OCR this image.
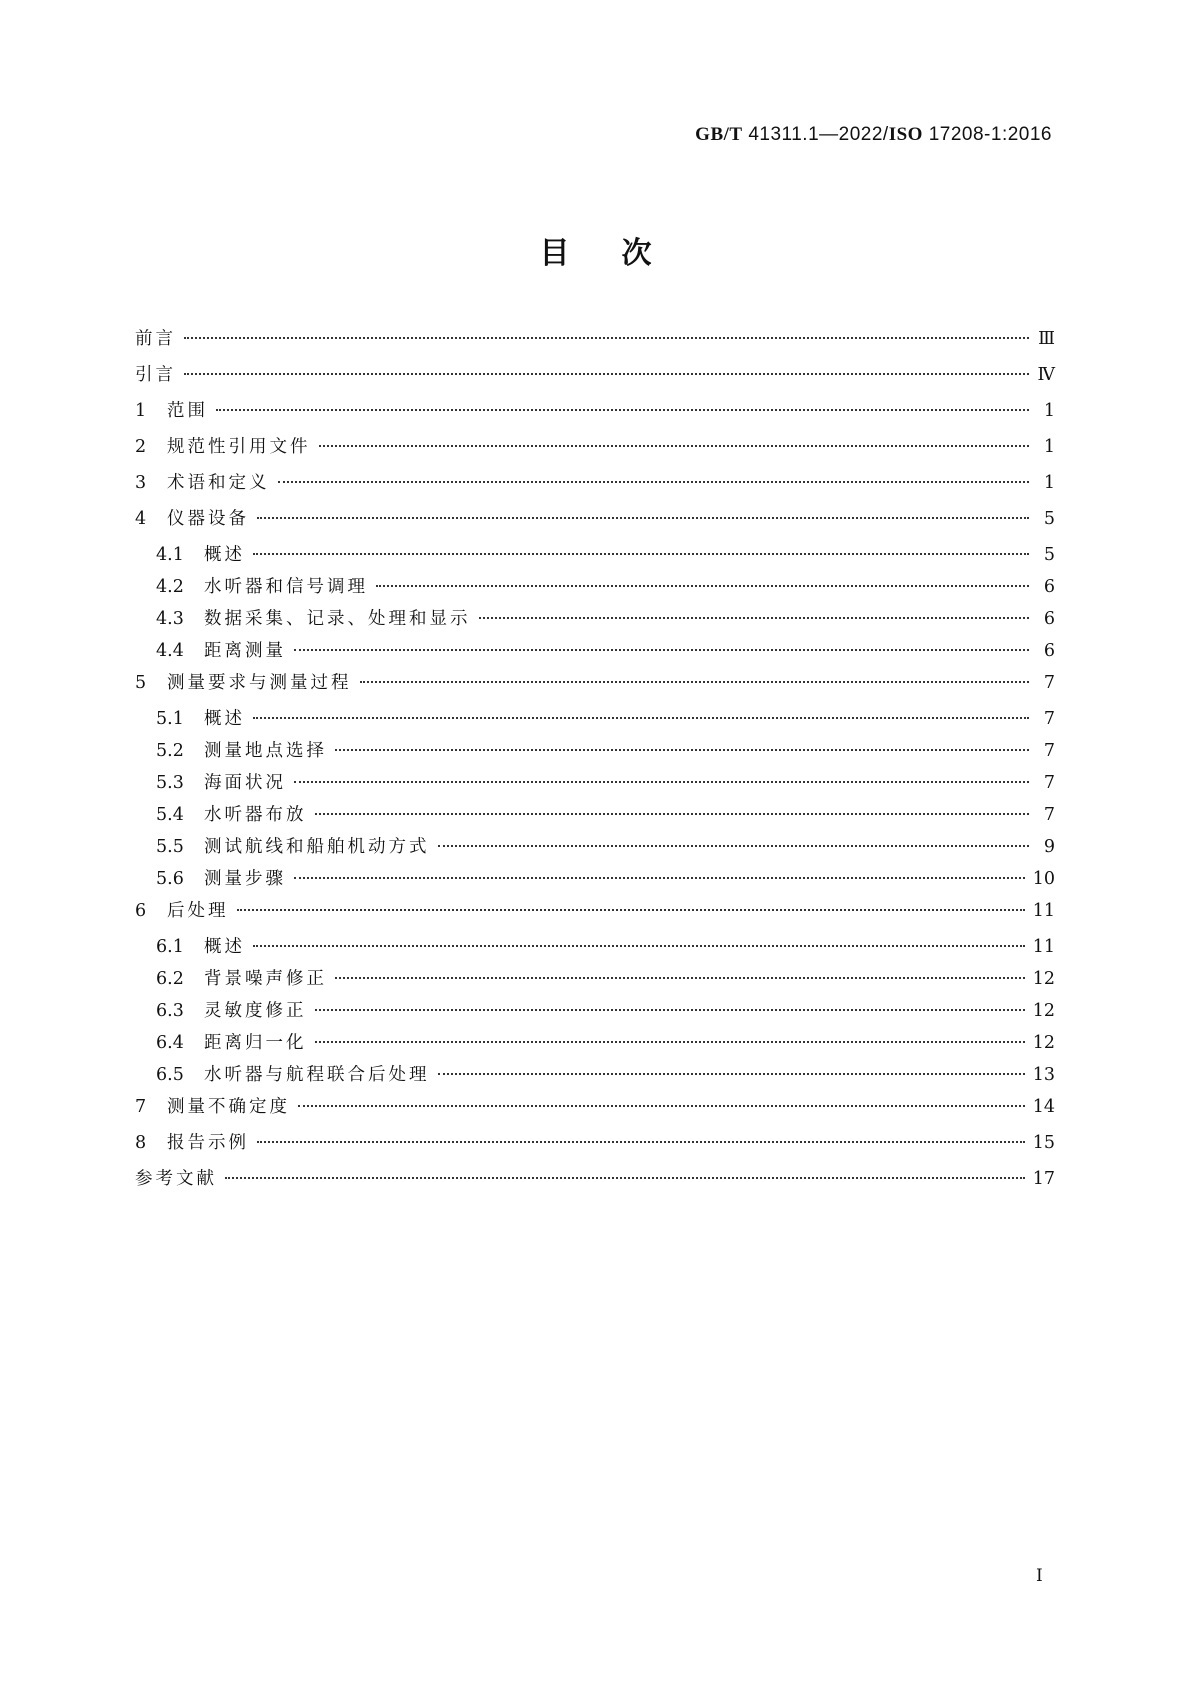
GB/T 41311.1—2022/ISO 17208-1:2016
目次
前言	Ⅲ
引言	Ⅳ
1	范围	1
2	规范性引用文件	1
3	术语和定义	1
4	仪器设备	5
4.1	概述	5
4.2	水听器和信号调理	6
4.3	数据采集、记录、处理和显示	6
4.4	距离测量	6
5	测量要求与测量过程	7
5.1	概述	7
5.2	测量地点选择	7
5.3	海面状况	7
5.4	水听器布放	7
5.5	测试航线和船舶机动方式	9
5.6	测量步骤	10
6	后处理	11
6.1	概述	11
6.2	背景噪声修正	12
6.3	灵敏度修正	12
6.4	距离归一化	12
6.5	水听器与航程联合后处理	13
7	测量不确定度	14
8	报告示例	15
参考文献	17
Ⅰ
